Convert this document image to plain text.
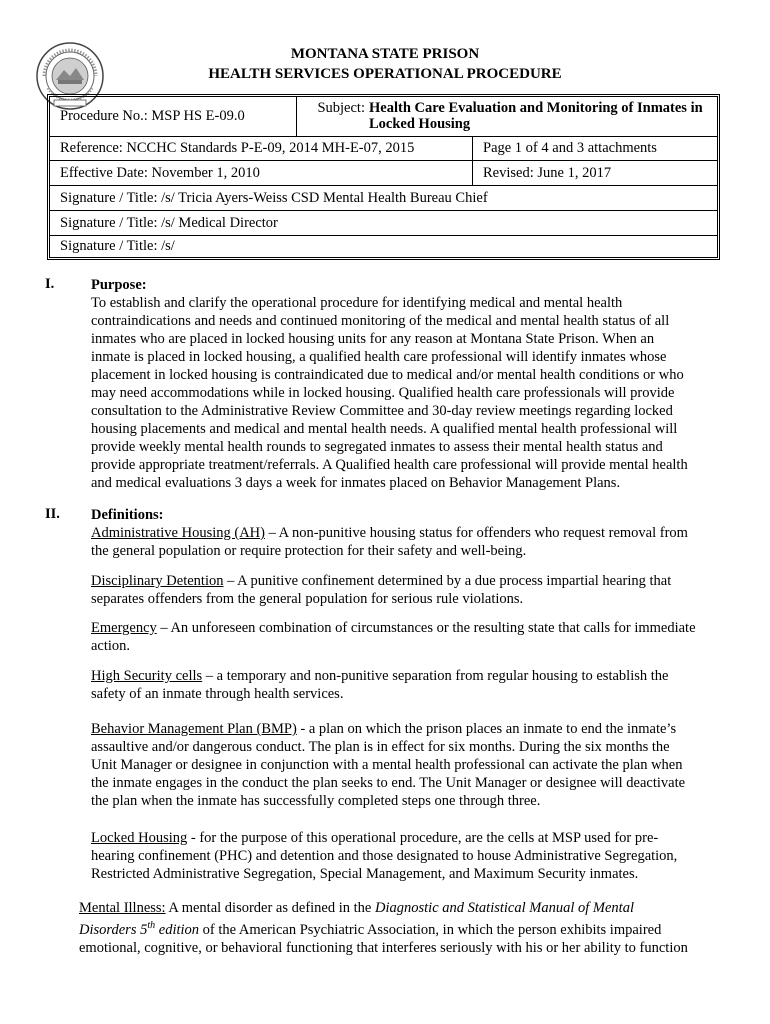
MONTANA STATE PRISON
HEALTH SERVICES OPERATIONAL PROCEDURE
Procedure No.: MSP HS E-09.0	Subject: Health Care Evaluation and Monitoring of Inmates in
Locked Housing
Reference: NCCHC Standards P-E-09, 2014 MH-E-07, 2015	Page 1 of 4 and 3 attachments
Effective Date: November 1, 2010	Revised: June 1, 2017
Signature / Title: /s/ Tricia Ayers-Weiss CSD Mental Health Bureau Chief
Signature / Title: /s/ Medical Director
Signature / Title: /s/
I.	Purpose:
To establish and clarify the operational procedure for identifying medical and mental health
contraindications and needs and continued monitoring of the medical and mental health status of all
inmates who are placed in locked housing units for any reason at Montana State Prison. When an
inmate is placed in locked housing, a qualified health care professional will identify inmates whose
placement in locked housing is contraindicated due to medical and/or mental health conditions or who
may need accommodations while in locked housing. Qualified health care professionals will provide
consultation to the Administrative Review Committee and 30-day review meetings regarding locked
housing placements and medical and mental health needs. A qualified mental health professional will
provide weekly mental health rounds to segregated inmates to assess their mental health status and
provide appropriate treatment/referrals. A Qualified health care professional will provide mental health
and medical evaluations 3 days a week for inmates placed on Behavior Management Plans.
II. Definitions:
Administrative Housing (AH) – A non-punitive housing status for offenders who request removal from
the general population or require protection for their safety and well-being.
Disciplinary Detention – A punitive confinement determined by a due process impartial hearing that
separates offenders from the general population for serious rule violations.
Emergency – An unforeseen combination of circumstances or the resulting state that calls for immediate
action.
High Security cells – a temporary and non-punitive separation from regular housing to establish the
safety of an inmate through health services.
Behavior Management Plan (BMP) - a plan on which the prison places an inmate to end the inmate’s
assaultive and/or dangerous conduct. The plan is in effect for six months. During the six months the
Unit Manager or designee in conjunction with a mental health professional can activate the plan when
the inmate engages in the conduct the plan seeks to end. The Unit Manager or designee will deactivate
the plan when the inmate has successfully completed steps one through three.
Locked Housing - for the purpose of this operational procedure, are the cells at MSP used for pre-
hearing confinement (PHC) and detention and those designated to house Administrative Segregation,
Restricted Administrative Segregation, Special Management, and Maximum Security inmates.
Mental Illness: A mental disorder as defined in the Diagnostic and Statistical Manual of Mental
Disorders 5th edition of the American Psychiatric Association, in which the person exhibits impaired
emotional, cognitive, or behavioral functioning that interferes seriously with his or her ability to function
